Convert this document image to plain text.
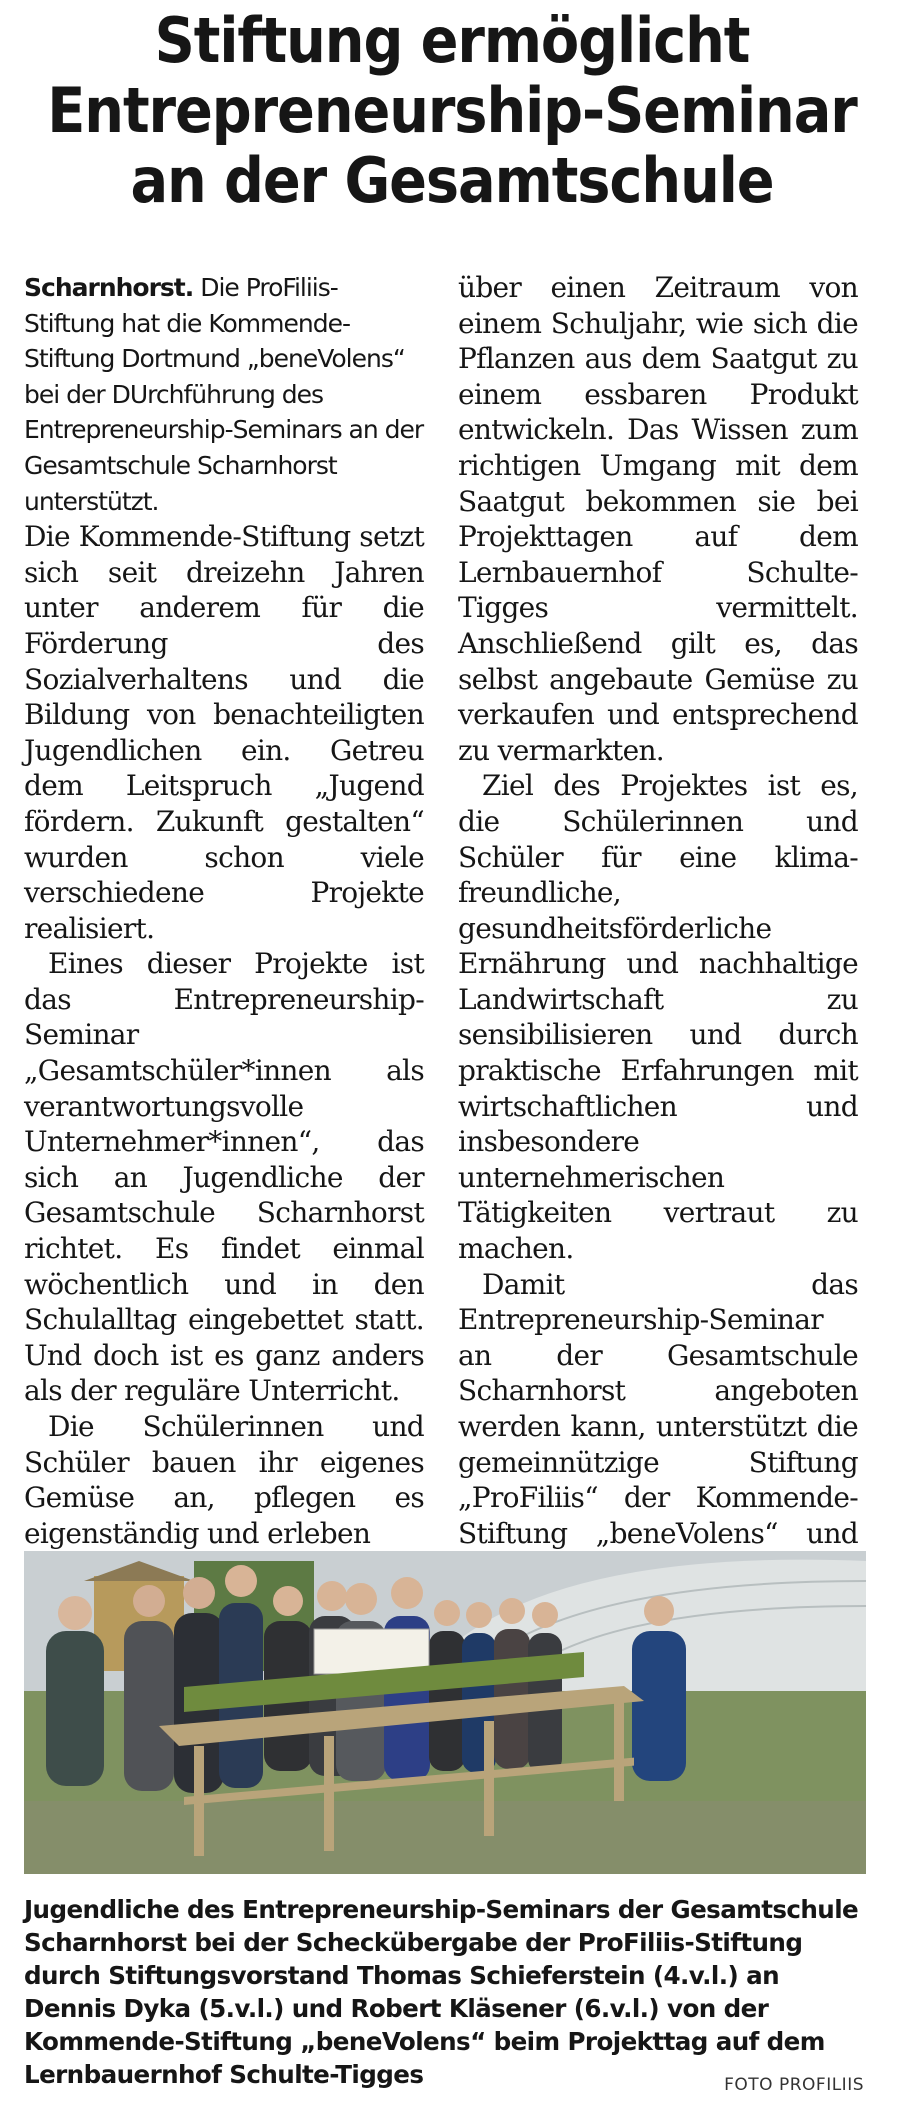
Stiftung ermöglicht
Entrepreneurship-Seminar
an der Gesamtschule

Scharnhorst. Die ProFiliis-Stiftung hat die Kommende-Stiftung Dortmund „beneVolens“ bei der DUrchführung des Entrepreneurship-Seminars an der Gesamtschule Scharnhorst unterstützt.

Die Kommende-Stiftung setzt sich seit dreizehn Jahren unter anderem für die Förderung des Sozialverhaltens und die Bildung von benachteiligten Jugendlichen ein. Getreu dem Leitspruch „Jugend fördern. Zukunft gestalten“ wurden schon viele verschiedene Projekte realisiert.

Eines dieser Projekte ist das Entrepreneurship-Seminar „Gesamtschüler*innen als verantwortungsvolle Unternehmer*innen“, das sich an Jugendliche der Gesamtschule Scharnhorst richtet. Es findet einmal wöchentlich und in den Schulalltag eingebettet statt. Und doch ist es ganz anders als der reguläre Unterricht.

Die Schülerinnen und Schüler bauen ihr eigenes Gemüse an, pflegen es eigenständig und erleben

über einen Zeitraum von einem Schuljahr, wie sich die Pflanzen aus dem Saatgut zu einem essbaren Produkt entwickeln. Das Wissen zum richtigen Umgang mit dem Saatgut bekommen sie bei Projekttagen auf dem Lernbauernhof Schulte-Tigges vermittelt. Anschließend gilt es, das selbst angebaute Gemüse zu verkaufen und entsprechend zu vermarkten.

Ziel des Projektes ist es, die Schülerinnen und Schüler für eine klima-freundliche, gesundheitsförderliche Ernährung und nachhaltige Landwirtschaft zu sensibilisieren und durch praktische Erfahrungen mit wirtschaftlichen und insbesondere unternehmerischen Tätigkeiten vertraut zu machen.

Damit das Entrepreneurship-Seminar an der Gesamtschule Scharnhorst angeboten werden kann, unterstützt die gemeinnützige Stiftung „ProFiliis“ der Kommende-Stiftung „beneVolens“ und

Jugendliche des Entrepreneurship-Seminars der Gesamtschule Scharnhorst bei der Scheckübergabe der ProFiliis-Stiftung durch Stiftungsvorstand Thomas Schieferstein (4.v.l.) an Dennis Dyka (5.v.l.) und Robert Kläsener (6.v.l.) von der Kommende-Stiftung „beneVolens“ beim Projekttag auf dem Lernbauernhof Schulte-Tigges	FOTO PROFILIIS
